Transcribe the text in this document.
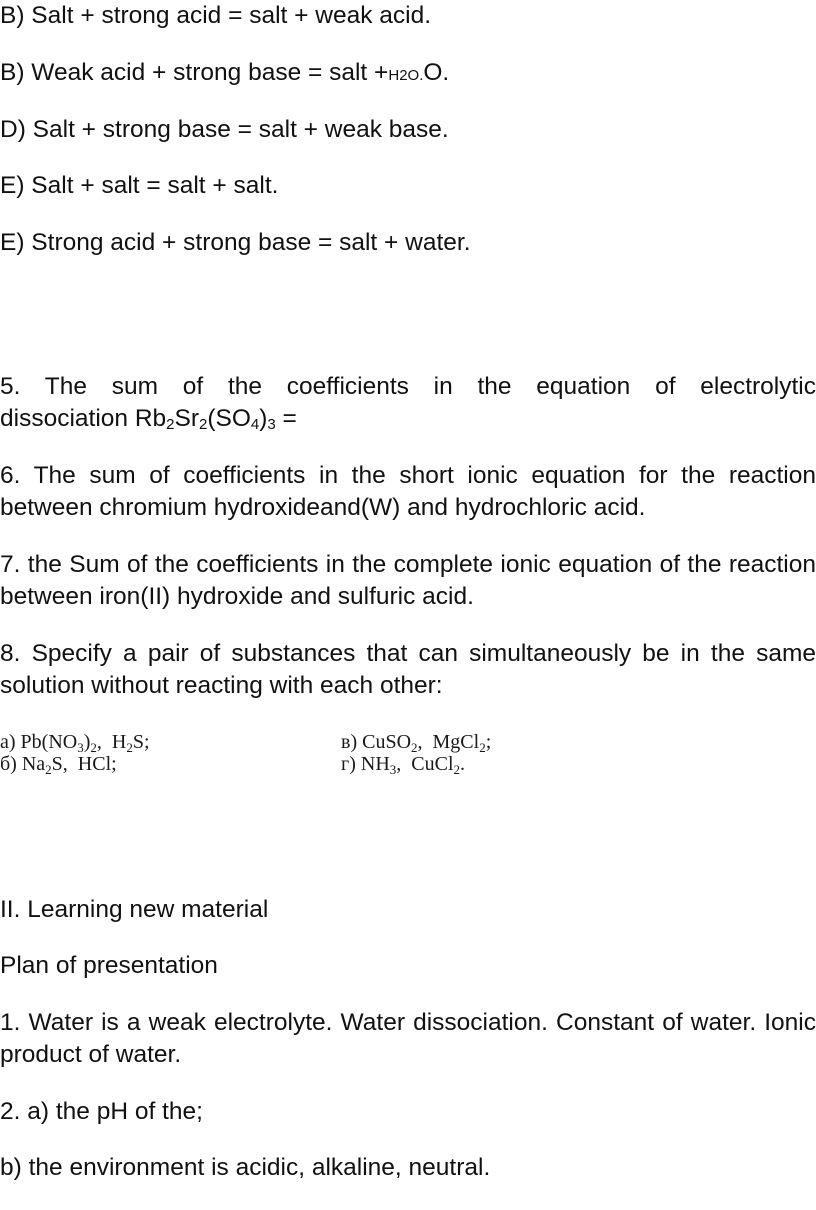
B) Salt + strong acid = salt + weak acid.
B) Weak acid + strong base = salt +H2O.O.
D) Salt + strong base = salt + weak base.
E) Salt + salt = salt + salt.
E) Strong acid + strong base = salt + water.
5. The sum of the coefficients in the equation of electrolytic
dissociation $Rb_2Sr_2(SO_4)_3$ =
6. The sum of coefficients in the short ionic equation for the reaction between chromium hydroxideand(W) and hydrochloric acid.
7. the Sum of the coefficients in the complete ionic equation of the reaction between iron(II) hydroxide and sulfuric acid.
8. Specify a pair of substances that can simultaneously be in the same solution without reacting with each other:
а) $Pb(NO_3)_2$, $H_2S$;
б) $Na_2S$, HCl;
в) CuSO$_2$, MgCl$_2$;
г) $NH_3$, CuCl$_2$.
II. Learning new material
Plan of presentation
1. Water is a weak electrolyte. Water dissociation. Constant of water. Ionic product of water.
2. a) the pH of the;
b) the environment is acidic, alkaline, neutral.
